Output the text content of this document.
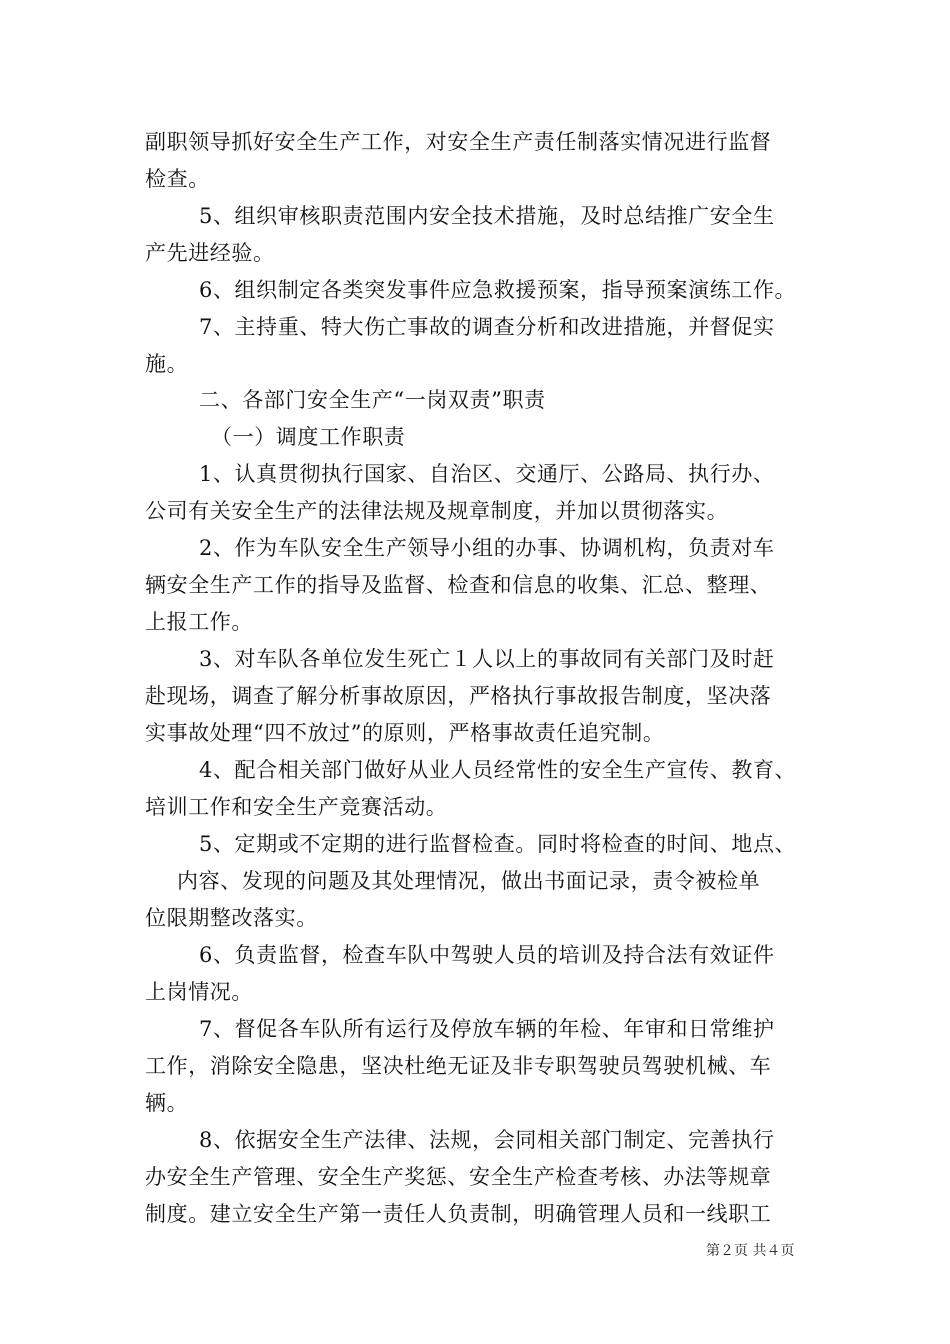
副职领导抓好安全生产工作，对安全生产责任制落实情况进行监督
检查。
5、组织审核职责范围内安全技术措施，及时总结推广安全生
产先进经验。
6、组织制定各类突发事件应急救援预案，指导预案演练工作。
7、主持重、特大伤亡事故的调查分析和改进措施，并督促实
施。
二、各部门安全生产“一岗双责”职责
（一）调度工作职责
1、认真贯彻执行国家、自治区、交通厅、公路局、执行办、
公司有关安全生产的法律法规及规章制度，并加以贯彻落实。
2、作为车队安全生产领导小组的办事、协调机构，负责对车
辆安全生产工作的指导及监督、检查和信息的收集、汇总、整理、
上报工作。
3、对车队各单位发生死亡１人以上的事故同有关部门及时赶
赴现场，调查了解分析事故原因，严格执行事故报告制度，坚决落
实事故处理“四不放过”的原则，严格事故责任追究制。
4、配合相关部门做好从业人员经常性的安全生产宣传、教育、
培训工作和安全生产竞赛活动。
5、定期或不定期的进行监督检查。同时将检查的时间、地点、
内容、发现的问题及其处理情况，做出书面记录，责令被检单
位限期整改落实。
6、负责监督，检查车队中驾驶人员的培训及持合法有效证件
上岗情况。
7、督促各车队所有运行及停放车辆的年检、年审和日常维护
工作，消除安全隐患，坚决杜绝无证及非专职驾驶员驾驶机械、车
辆。
8、依据安全生产法律、法规，会同相关部门制定、完善执行
办安全生产管理、安全生产奖惩、安全生产检查考核、办法等规章
制度。建立安全生产第一责任人负责制，明确管理人员和一线职工
第２页 共４页
